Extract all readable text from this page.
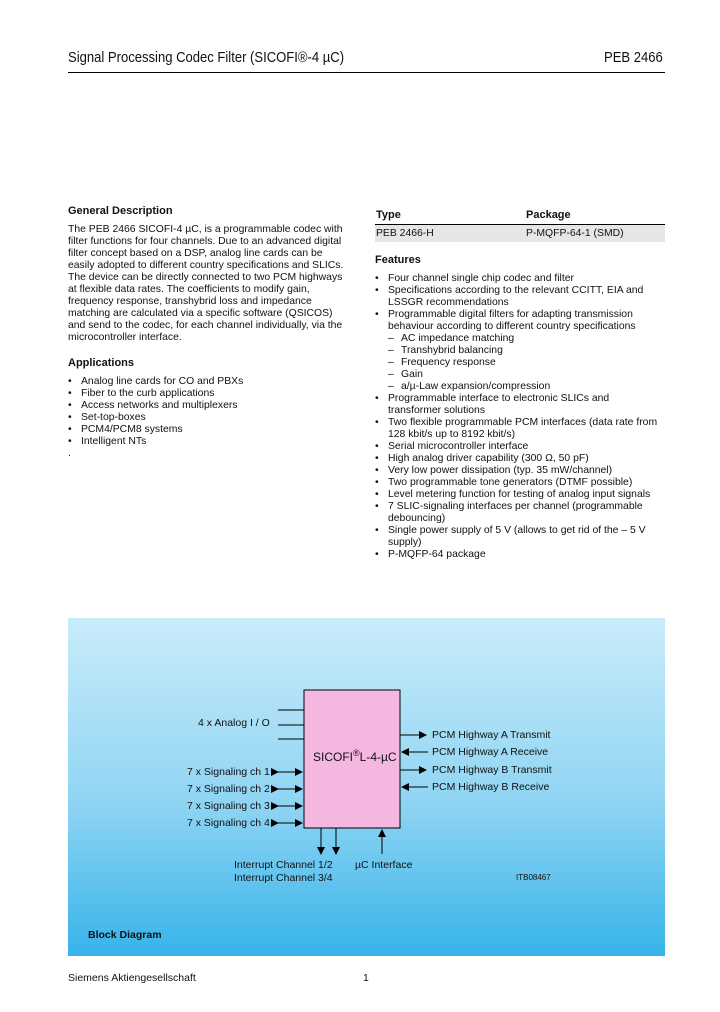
Signal Processing Codec Filter (SICOFI®-4 µC)	PEB 2466
General Description
The PEB 2466 SICOFI-4 µC, is a programmable codec with
filter functions for four channels. Due to an advanced digital
filter concept based on a DSP, analog line cards can be
easily adopted to different country specifications and SLICs.
The device can be directly connected to two PCM highways
at flexible data rates. The coefficients to modify gain,
frequency response, transhybrid loss and impedance
matching are calculated via a specific software (QSICOS)
and send to the codec, for each channel individually, via the
microcontroller interface.
Applications
• Analog line cards for CO and PBXs
• Fiber to the curb applications
• Access networks and multiplexers
• Set-top-boxes
• PCM4/PCM8 systems
• Intelligent NTs
.
Type	Package
PEB 2466-H	P-MQFP-64-1 (SMD)
Features
• Four channel single chip codec and filter
• Specifications according to the relevant CCITT, EIA and
LSSGR recommendations
• Programmable digital filters for adapting transmission
behaviour according to different country specifications
– AC impedance matching
– Transhybrid balancing
– Frequency response
– Gain
– a/µ-Law expansion/compression
• Programmable interface to electronic SLICs and
transformer solutions
• Two flexible programmable PCM interfaces (data rate from
128 kbit/s up to 8192 kbit/s)
• Serial microcontroller interface
• High analog driver capability (300 Ω, 50 pF)
• Very low power dissipation (typ. 35 mW/channel)
• Two programmable tone generators (DTMF possible)
• Level metering function for testing of analog input signals
• 7 SLIC-signaling interfaces per channel (programmable
debouncing)
• Single power supply of 5 V (allows to get rid of the – 5 V
supply)
• P-MQFP-64 package
SICOFI®L-4-µC
4 x Analog I / O
7 x Signaling ch 1
7 x Signaling ch 2
7 x Signaling ch 3
7 x Signaling ch 4
PCM Highway A Transmit
PCM Highway A Receive
PCM Highway B Transmit
PCM Highway B Receive
Interrupt Channel 1/2
Interrupt Channel 3/4
µC Interface
ITB08467
Block Diagram
Siemens Aktiengesellschaft	1
